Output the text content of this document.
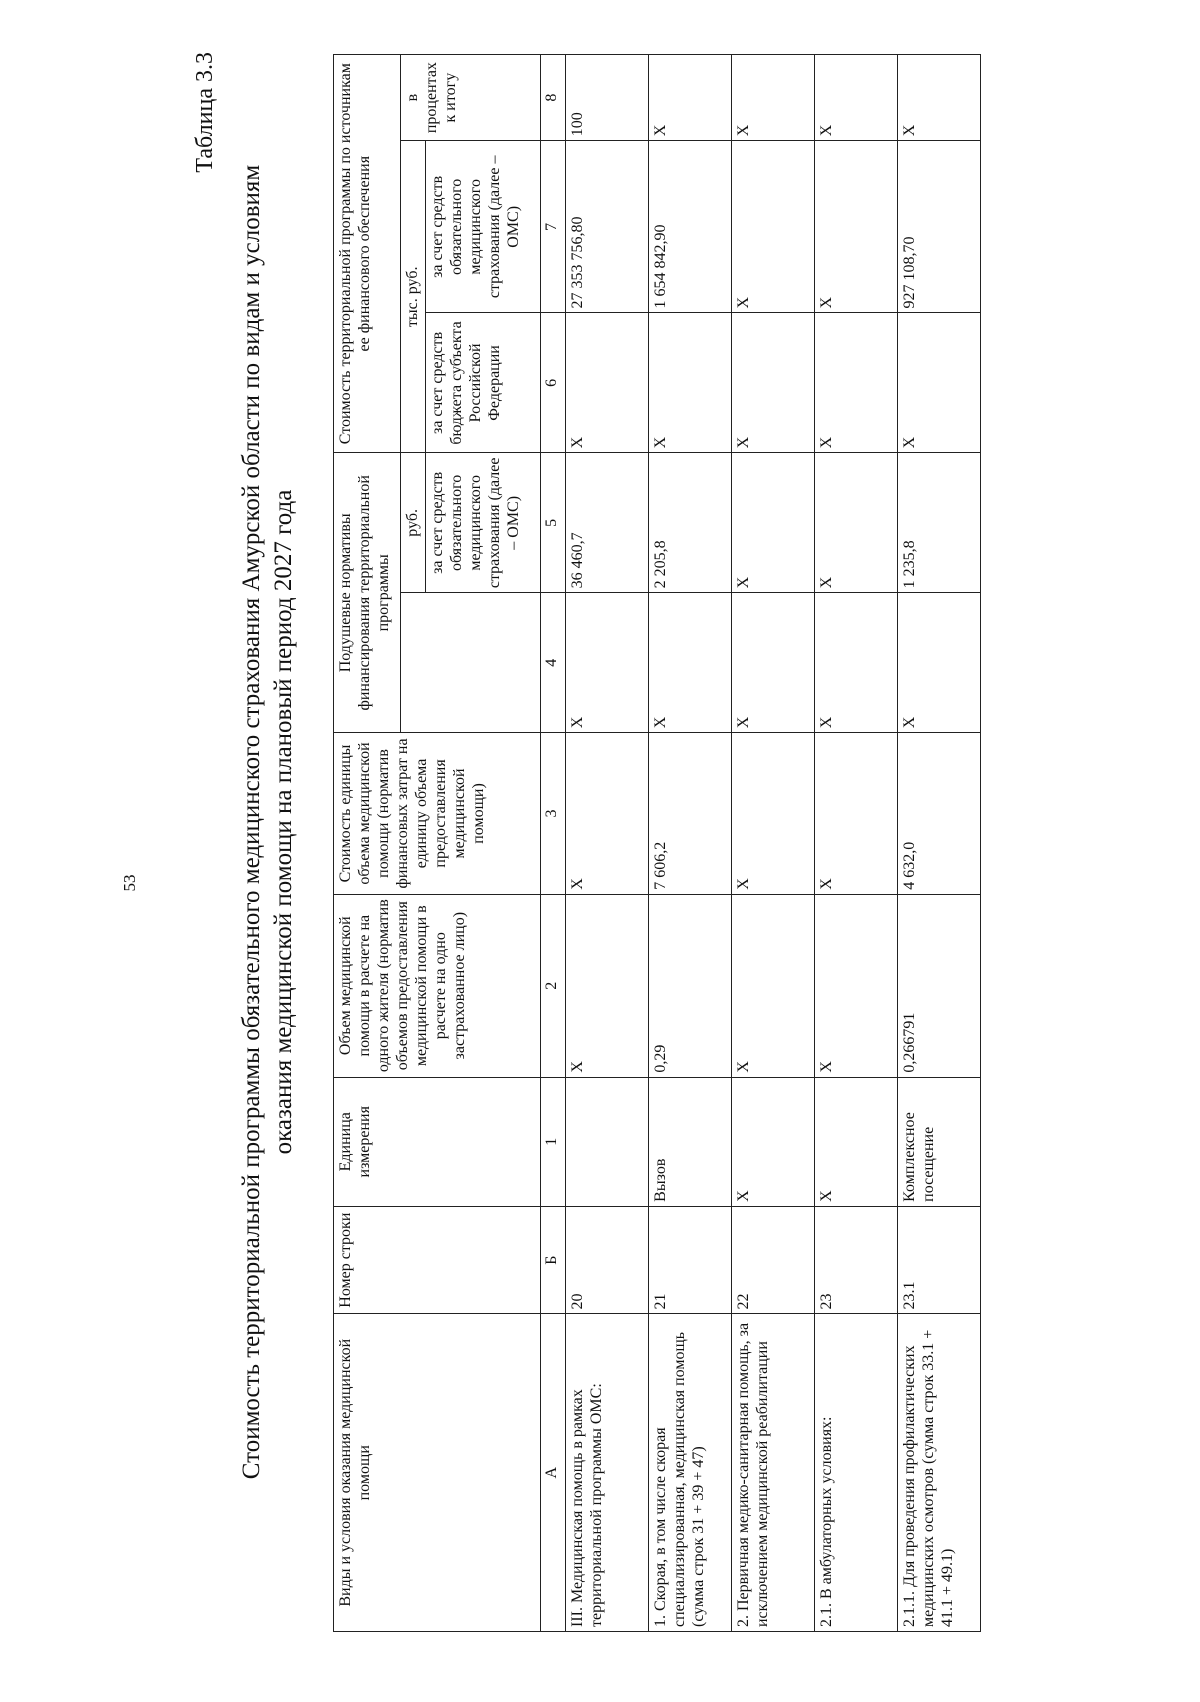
53
Таблица 3.3
Стоимость территориальной программы обязательного медицинского страхования Амурской области по видам и условиям оказания медицинской помощи на плановый период 2027 года
Виды и условия оказания медицинской помощи	Номер строки	Единица измерения	Объем медицинской помощи в расчете на одного жителя (норматив объемов предоставления медицинской помощи в расчете на одно застрахованное лицо)	Стоимость единицы объема медицинской помощи (норматив финансовых затрат на единицу объема предоставления медицинской помощи)	Подушевые нормативы финансирования территориальной программы		Стоимость территориальной программы по источникам ее финансового обеспечения		
						руб.	тыс. руб.		в процентах к итогу
						за счет средств обязательного медицинского страхования (далее – ОМС)	за счет средств бюджета субъекта Российской Федерации	за счет средств обязательного медицинского страхования (далее – ОМС)	
А	Б	1	2	3	4	5	6	7	8
III. Медицинская помощь в рамках территориальной программы ОМС:	20		X	X	X	36 460,7	X	27 353 756,80	100
1. Скорая, в том числе скорая специализированная, медицинская помощь (сумма строк 31 + 39 + 47)	21	Вызов	0,29	7 606,2	X	2 205,8	X	1 654 842,90	X
2. Первичная медико-санитарная помощь, за исключением медицинской реабилитации	22	X	X	X	X	X	X	X	X
2.1. В амбулаторных условиях:	23	X	X	X	X	X	X	X	X
2.1.1. Для проведения профилактических медицинских осмотров (сумма строк 33.1 + 41.1 + 49.1)	23.1	Комплексное посещение	0,266791	4 632,0	X	1 235,8	X	927 108,70	X
